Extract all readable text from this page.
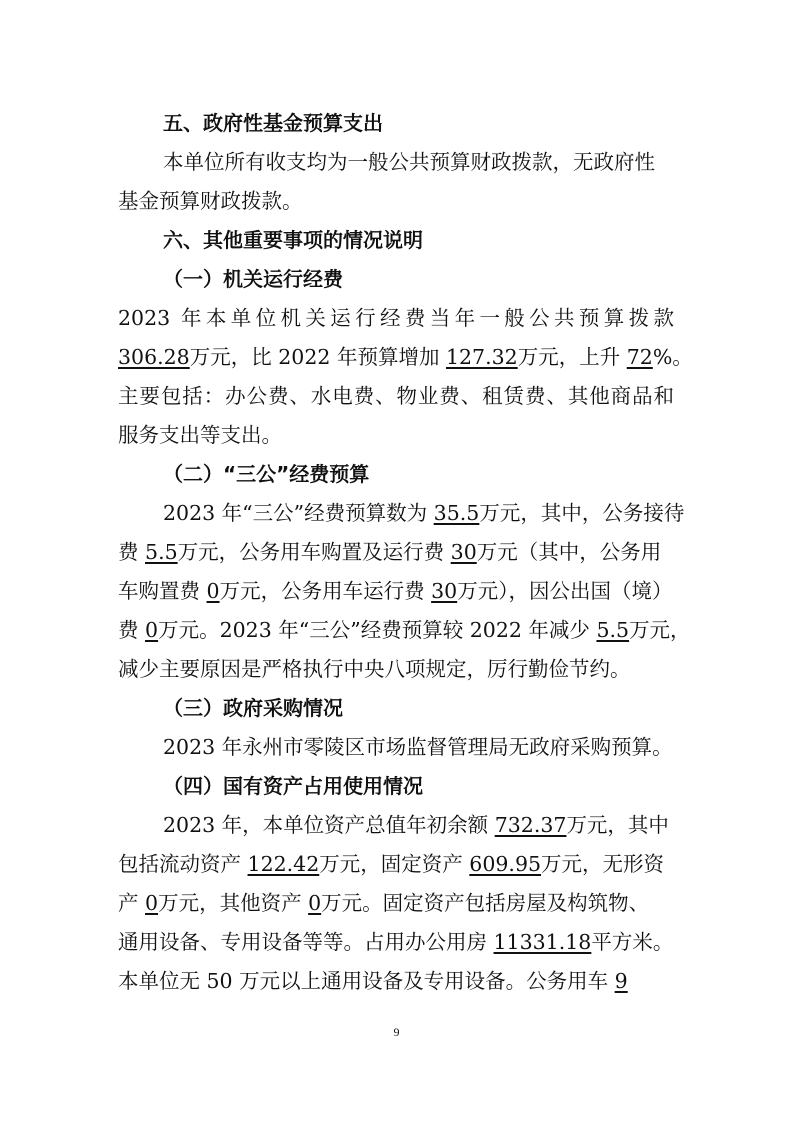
五、政府性基金预算支出
本单位所有收支均为一般公共预算财政拨款，无政府性
基金预算财政拨款。
六、其他重要事项的情况说明
（一）机关运行经费
2023 年本单位机关运行经费当年一般公共预算拨款
306.28万元，比 2022 年预算增加 127.32万元，上升 72%。
主要包括：办公费、水电费、物业费、租赁费、其他商品和
服务支出等支出。
（二）“三公”经费预算
2023 年“三公”经费预算数为 35.5万元，其中，公务接待
费 5.5万元，公务用车购置及运行费 30万元（其中，公务用
车购置费 0万元，公务用车运行费 30万元），因公出国（境）
费 0万元。2023 年“三公”经费预算较 2022 年减少 5.5万元，
减少主要原因是严格执行中央八项规定，厉行勤俭节约。
（三）政府采购情况
2023 年永州市零陵区市场监督管理局无政府采购预算。
（四）国有资产占用使用情况
2023 年，本单位资产总值年初余额 732.37万元，其中
包括流动资产 122.42万元，固定资产 609.95万元，无形资
产 0万元，其他资产 0万元。固定资产包括房屋及构筑物、
通用设备、专用设备等等。占用办公用房 11331.18平方米。
本单位无 50 万元以上通用设备及专用设备。公务用车 9
9
